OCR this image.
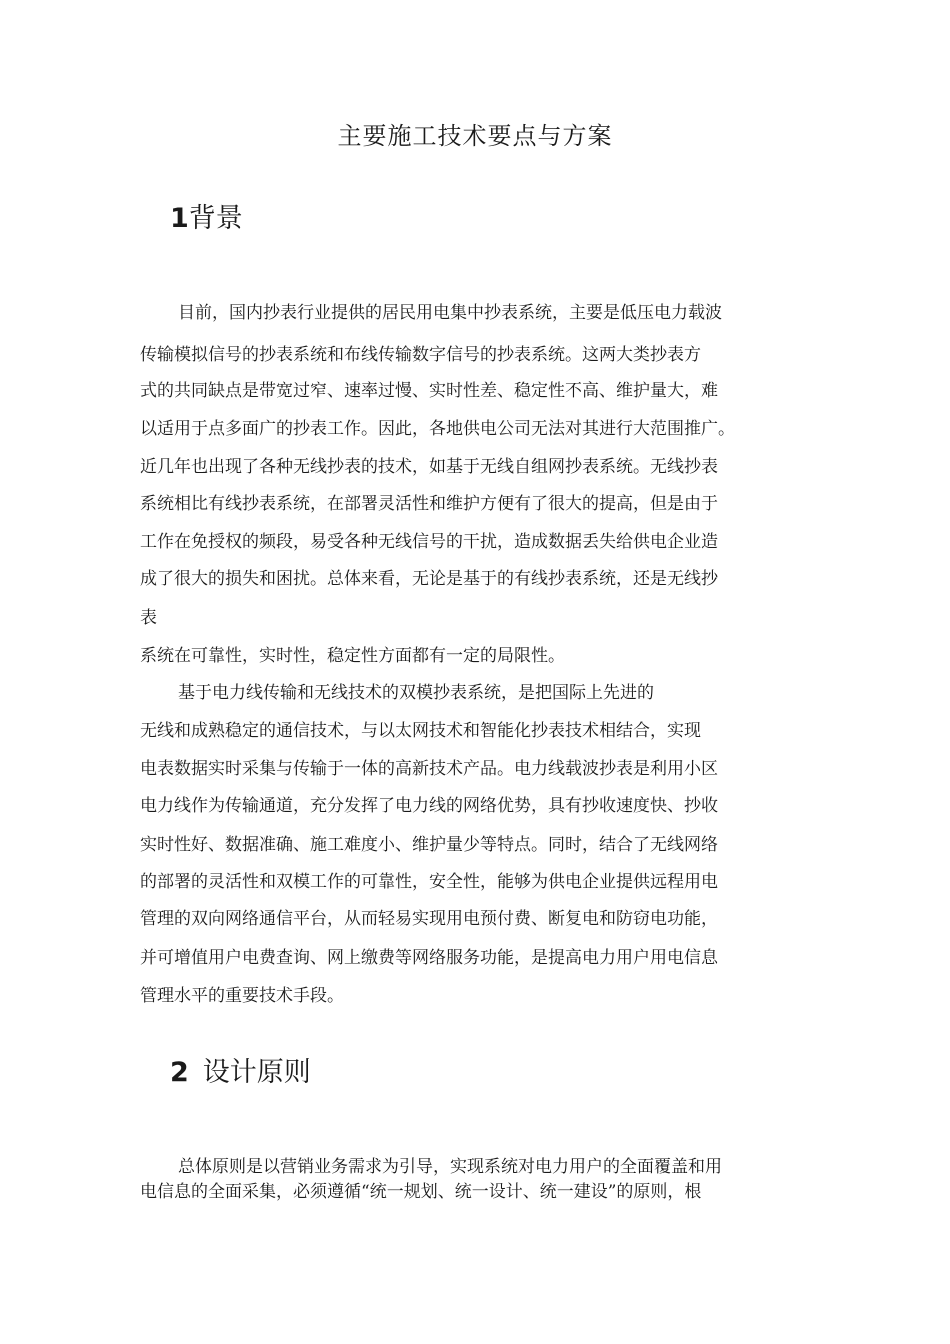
主要施工技术要点与方案
1背景
目前，国内抄表行业提供的居民用电集中抄表系统，主要是低压电力载波
传输模拟信号的抄表系统和布线传输数字信号的抄表系统。这两大类抄表方
式的共同缺点是带宽过窄、速率过慢、实时性差、稳定性不高、维护量大，难
以适用于点多面广的抄表工作。因此，各地供电公司无法对其进行大范围推广。
近几年也出现了各种无线抄表的技术，如基于无线自组网抄表系统。无线抄表
系统相比有线抄表系统，在部署灵活性和维护方便有了很大的提高，但是由于
工作在免授权的频段，易受各种无线信号的干扰，造成数据丢失给供电企业造
成了很大的损失和困扰。总体来看，无论是基于的有线抄表系统，还是无线抄
表
系统在可靠性，实时性，稳定性方面都有一定的局限性。
基于电力线传输和无线技术的双模抄表系统，是把国际上先进的
无线和成熟稳定的通信技术，与以太网技术和智能化抄表技术相结合，实现
电表数据实时采集与传输于一体的高新技术产品。电力线载波抄表是利用小区
电力线作为传输通道，充分发挥了电力线的网络优势，具有抄收速度快、抄收
实时性好、数据准确、施工难度小、维护量少等特点。同时，结合了无线网络
的部署的灵活性和双模工作的可靠性，安全性，能够为供电企业提供远程用电
管理的双向网络通信平台，从而轻易实现用电预付费、断复电和防窃电功能，
并可增值用户电费查询、网上缴费等网络服务功能，是提高电力用户用电信息
管理水平的重要技术手段。
2 设计原则
总体原则是以营销业务需求为引导，实现系统对电力用户的全面覆盖和用
电信息的全面采集，必须遵循“统一规划、统一设计、统一建设”的原则，根
